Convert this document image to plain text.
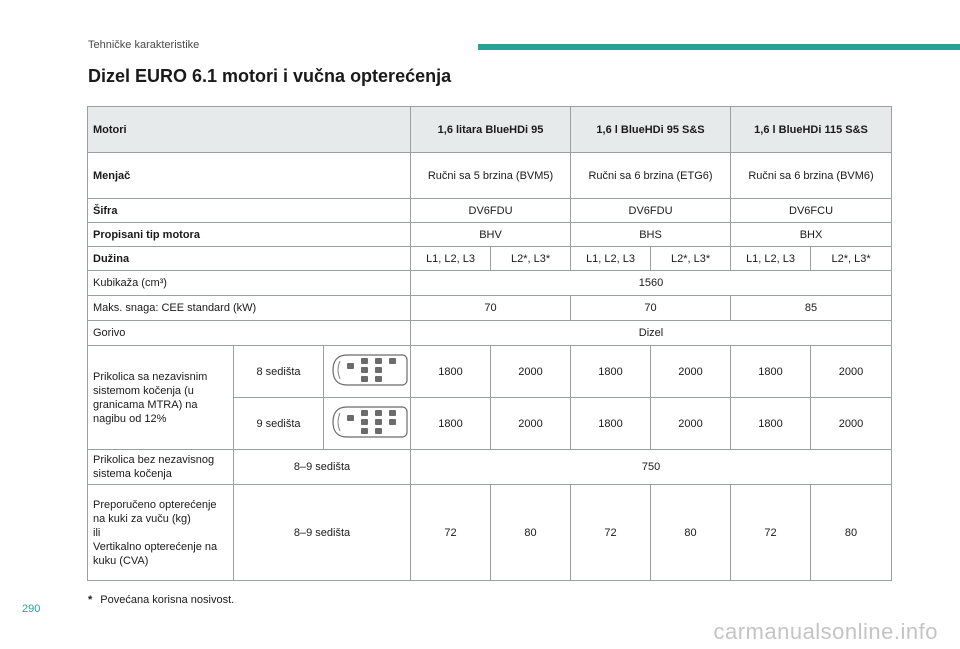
Tehničke karakteristike
Dizel EURO 6.1 motori i vučna opterećenja
Motori			1,6 litara BlueHDi 95		1,6 l BlueHDi 95 S&S		1,6 l BlueHDi 115 S&S	
Menjač			Ručni sa 5 brzina (BVM5)		Ručni sa 6 brzina (ETG6)		Ručni sa 6 brzina (BVM6)	
Šifra			DV6FDU		DV6FDU		DV6FCU	
Propisani tip motora			BHV		BHS		BHX	
Dužina			L1, L2, L3	L2*, L3*	L1, L2, L3	L2*, L3*	L1, L2, L3	L2*, L3*
Kubikaža (cm³)			1560					
Maks. snaga: CEE standard (kW)			70		70		85	
Gorivo			Dizel					
Prikolica sa nezavisnim sistemom kočenja (u granicama MTRA) na nagibu od 12%	8 sedišta		1800	2000	1800	2000	1800	2000
	9 sedišta		1800	2000	1800	2000	1800	2000
Prikolica bez nezavisnog sistema kočenja	8–9 sedišta		750					

Preporučeno opterećenje na kuki za vuču (kg)
ili
Vertikalno opterećenje na kuku (CVA)	8–9 sedišta		72	80	72	80	72	80
* Povećana korisna nosivost.
290
carmanualsonline.info
